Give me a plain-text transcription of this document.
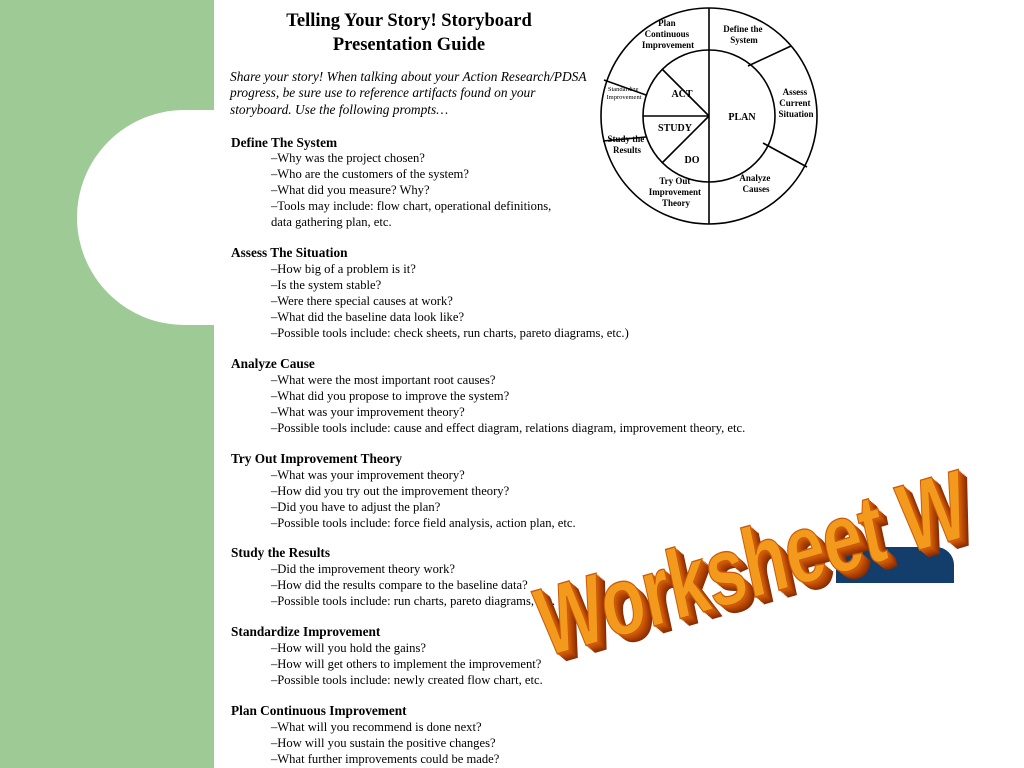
Telling Your Story! Storyboard
Presentation Guide
Share your story! When talking about your Action Research/PDSA progress, be sure use to reference artifacts found on your storyboard. Use the following prompts…
Define The System
–Why was the project chosen?
–Who are the customers of the system?
–What did you measure? Why?
–Tools may include: flow chart, operational definitions,
data gathering plan, etc.
Assess The Situation
–How big of a problem is it?
–Is the system stable?
–Were there special causes at work?
–What did the baseline data look like?
–Possible tools include: check sheets, run charts, pareto diagrams, etc.)
Analyze Cause
–What were the most important root causes?
–What did you propose to improve the system?
–What was your improvement theory?
–Possible tools include: cause and effect diagram, relations diagram, improvement theory, etc.
Try Out Improvement Theory
–What was your improvement theory?
–How did you try out the improvement theory?
–Did you have to adjust the plan?
–Possible tools include: force field analysis, action plan, etc.
Study the Results
–Did the improvement theory work?
–How did the results compare to the baseline data?
–Possible tools include: run charts, pareto diagrams, etc.
Standardize Improvement
–How will you hold the gains?
–How will get others to implement the improvement?
–Possible tools include: newly created flow chart, etc.
Plan Continuous Improvement
–What will you recommend is done next?
–How will you sustain the positive changes?
–What further improvements could be made?
ACT
PLAN
STUDY
DO
Plan Continuous Improvement
Define the System
Assess Current Situation
Analyze Causes
Try Out Improvement Theory
Study the Results
Standardize Improvement
Worksheet W
